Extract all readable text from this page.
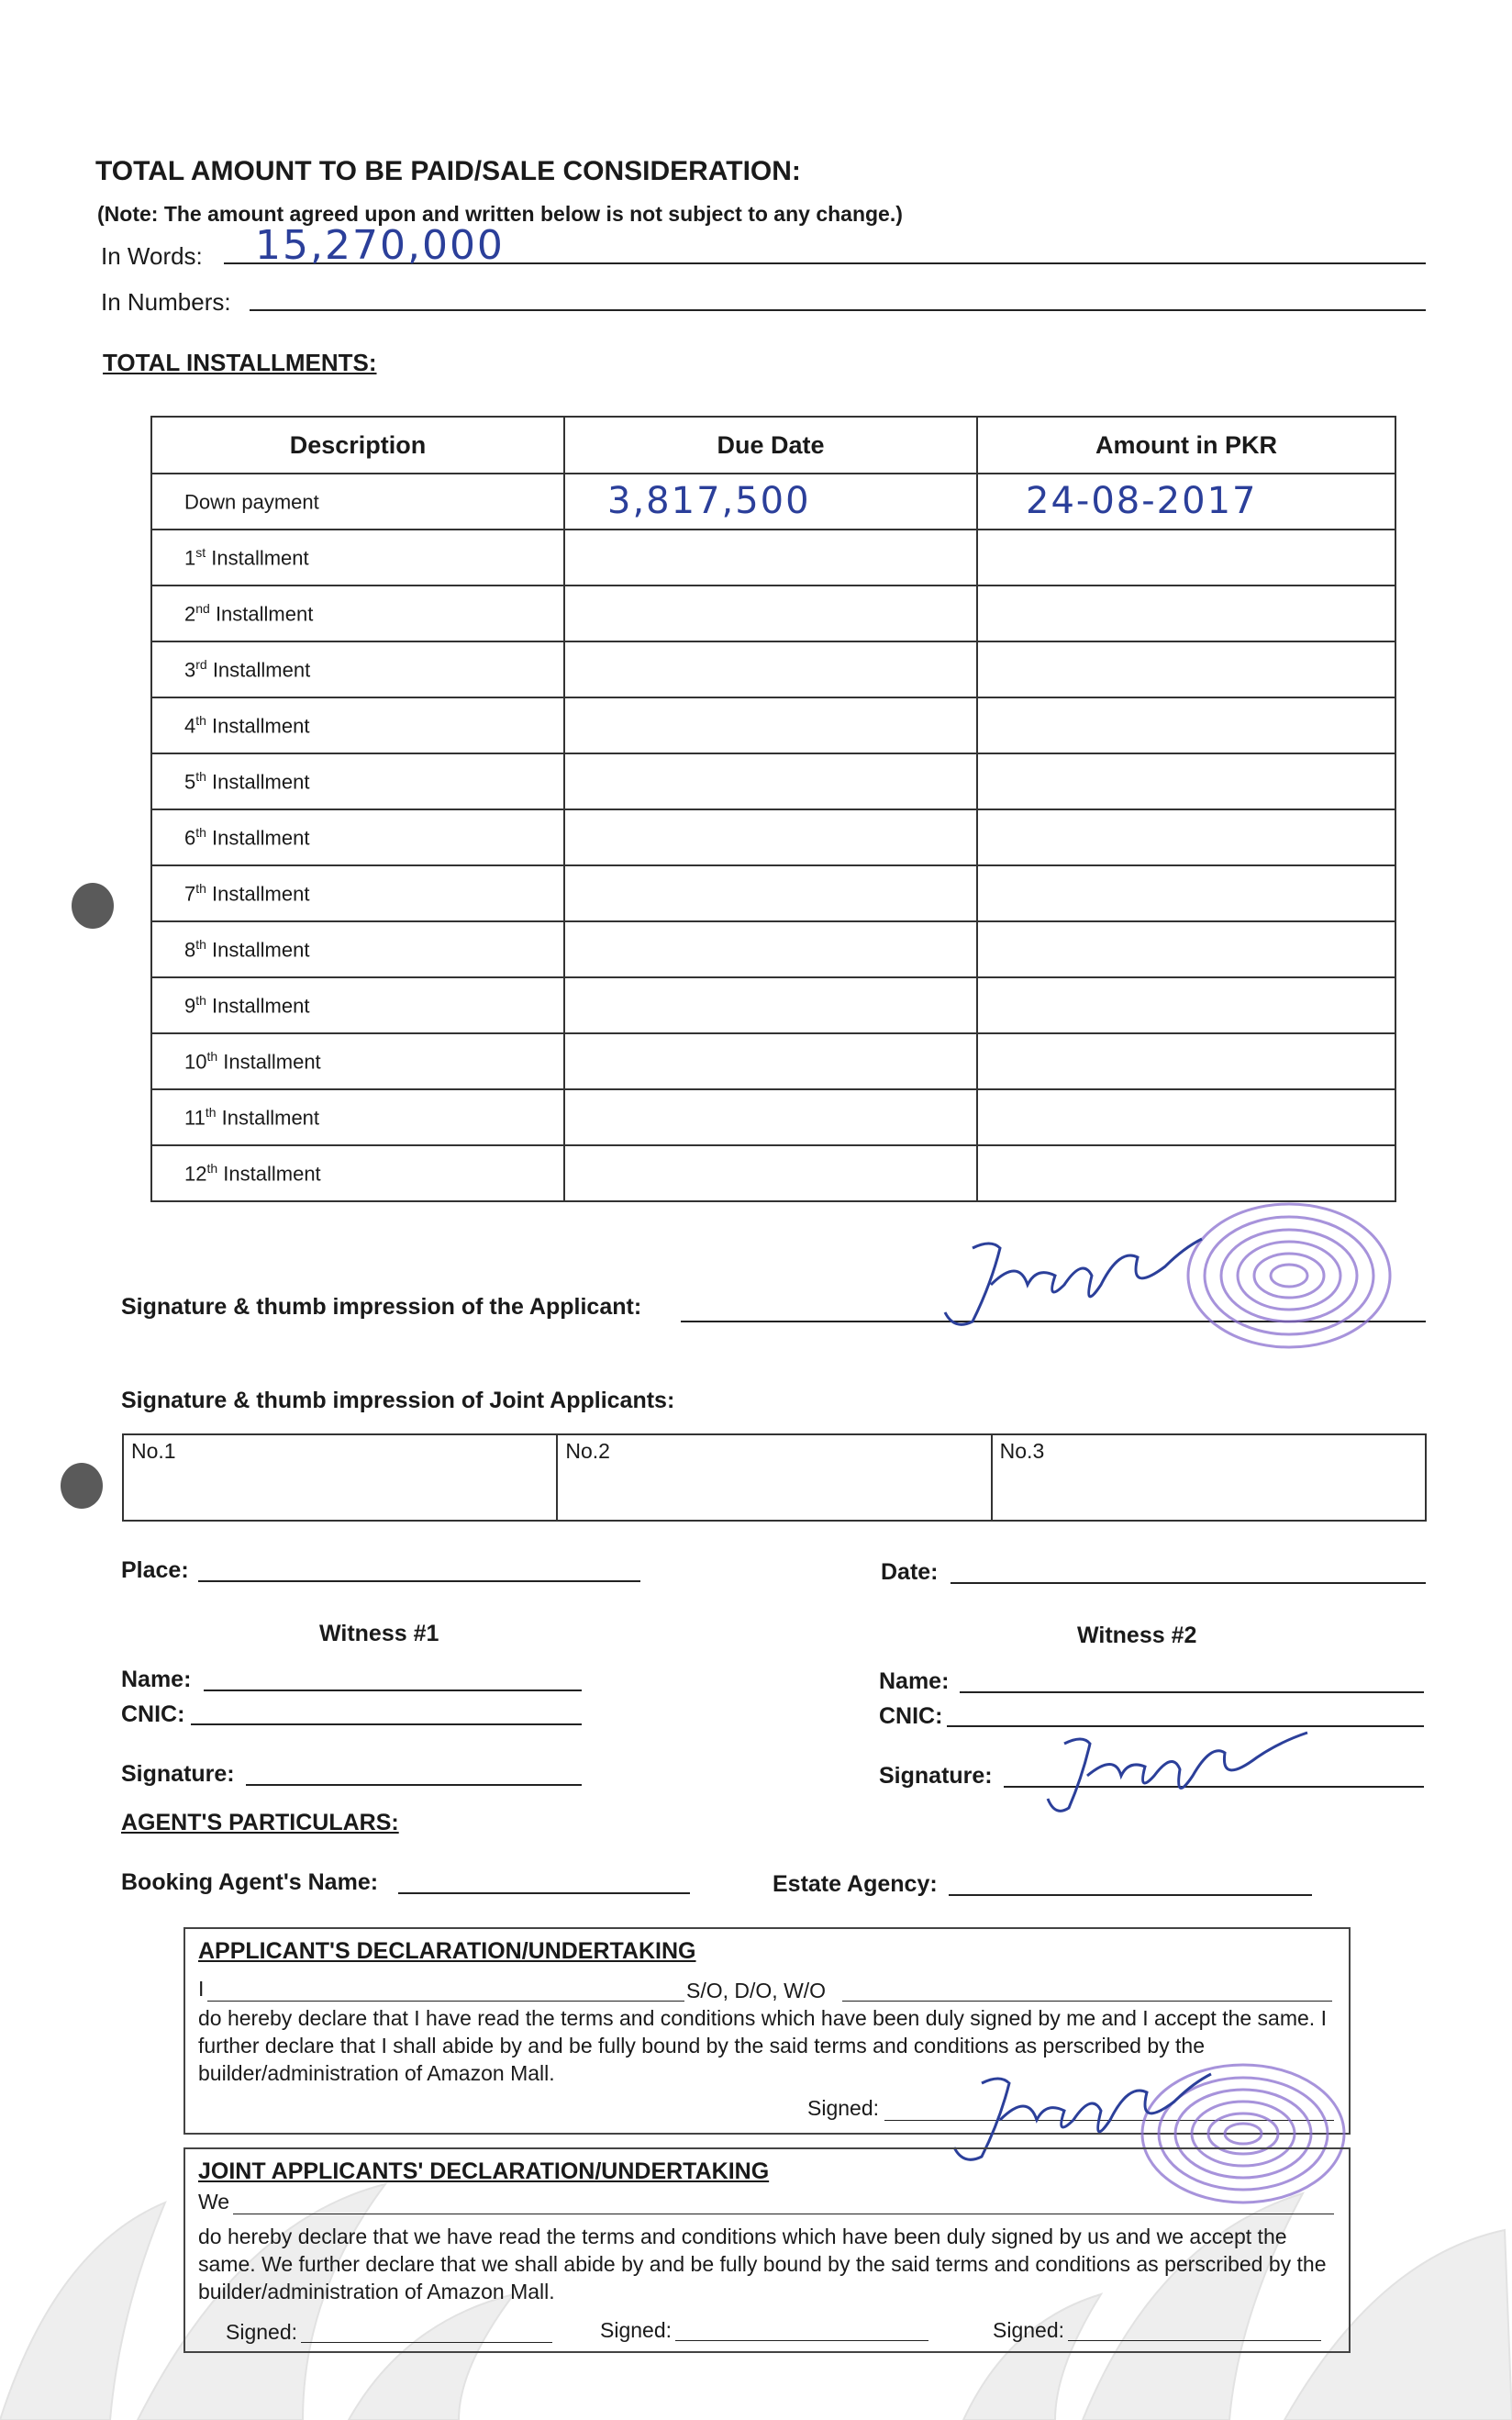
TOTAL AMOUNT TO BE PAID/SALE CONSIDERATION:
(Note: The amount agreed upon and written below is not subject to any change.)
In Words: 15,270,000
In Numbers:
TOTAL INSTALLMENTS:
Description	Due Date	Amount in PKR
Down payment	3,817,500	24-08-2017

1st Installment	

2nd Installment	

3rd Installment	

4th Installment	

5th Installment	

6th Installment	

7th Installment	

8th Installment	

9th Installment	

10th Installment	

11th Installment	

12th Installment	

Signature & thumb impression of the Applicant:
Signature & thumb impression of Joint Applicants:
No.1	No.2	No.3
Place:	Date:
Witness #1
Name:
CNIC:
Signature:
Witness #2
Name:
CNIC:
Signature:
AGENT'S PARTICULARS:
Booking Agent's Name:	Estate Agency:
APPLICANT'S DECLARATION/UNDERTAKING
I	S/O, D/O, W/O
do hereby declare that I have read the terms and conditions which have been duly signed by me and I accept the same. I further declare that I shall abide by and be fully bound by the said terms and conditions as perscribed by the builder/administration of Amazon Mall.
Signed:
JOINT APPLICANTS' DECLARATION/UNDERTAKING
We
do hereby declare that we have read the terms and conditions which have been duly signed by us and we accept the same. We further declare that we shall abide by and be fully bound by the said terms and conditions as perscribed by the builder/administration of Amazon Mall.
Signed:	Signed:	Signed:
